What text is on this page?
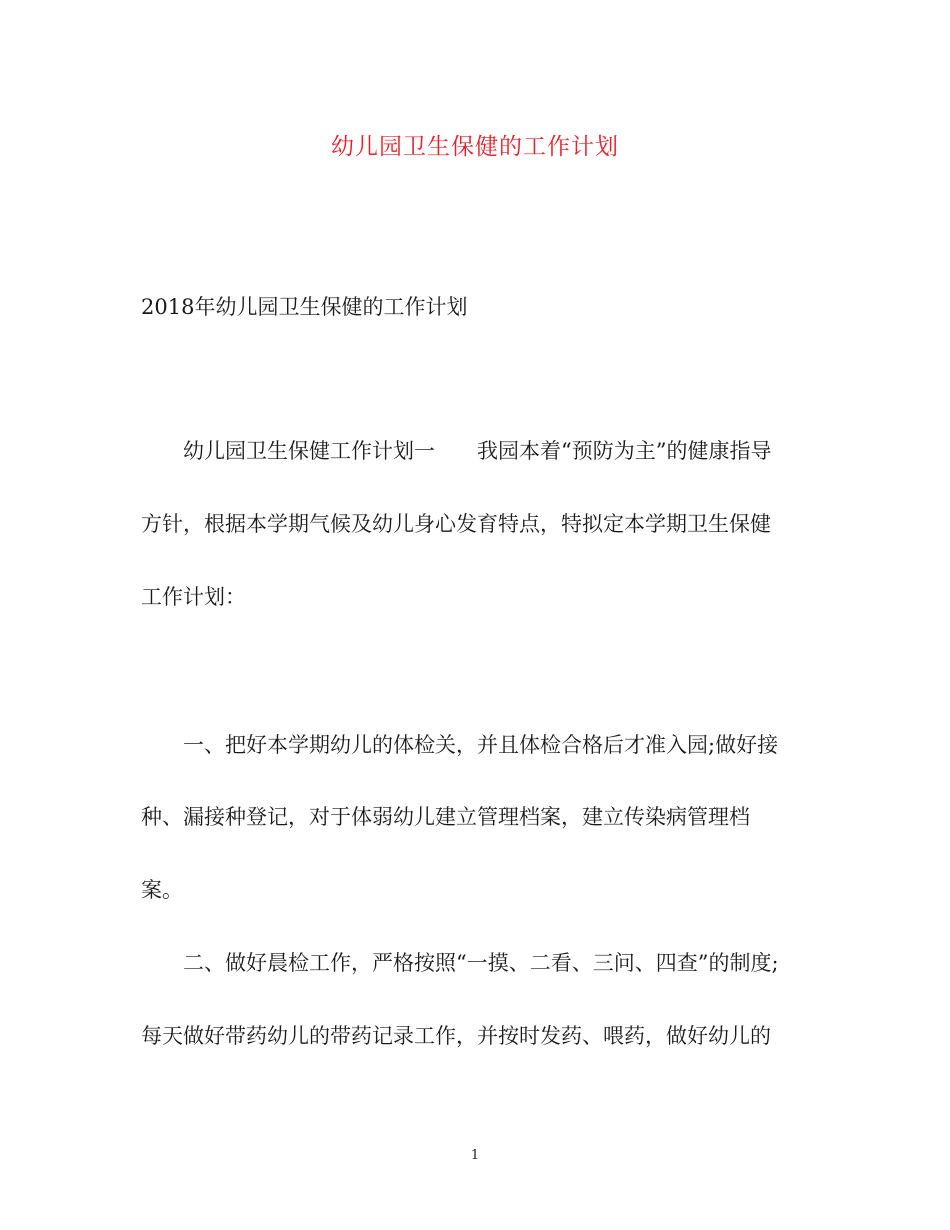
幼儿园卫生保健的工作计划
2018年幼儿园卫生保健的工作计划
幼儿园卫生保健工作计划一　　我园本着“预防为主”的健康指导
方针，根据本学期气候及幼儿身心发育特点，特拟定本学期卫生保健
工作计划：
一、把好本学期幼儿的体检关，并且体检合格后才准入园;做好接
种、漏接种登记，对于体弱幼儿建立管理档案，建立传染病管理档
案。
二、做好晨检工作，严格按照“一摸、二看、三问、四查”的制度;
每天做好带药幼儿的带药记录工作，并按时发药、喂药，做好幼儿的
1
